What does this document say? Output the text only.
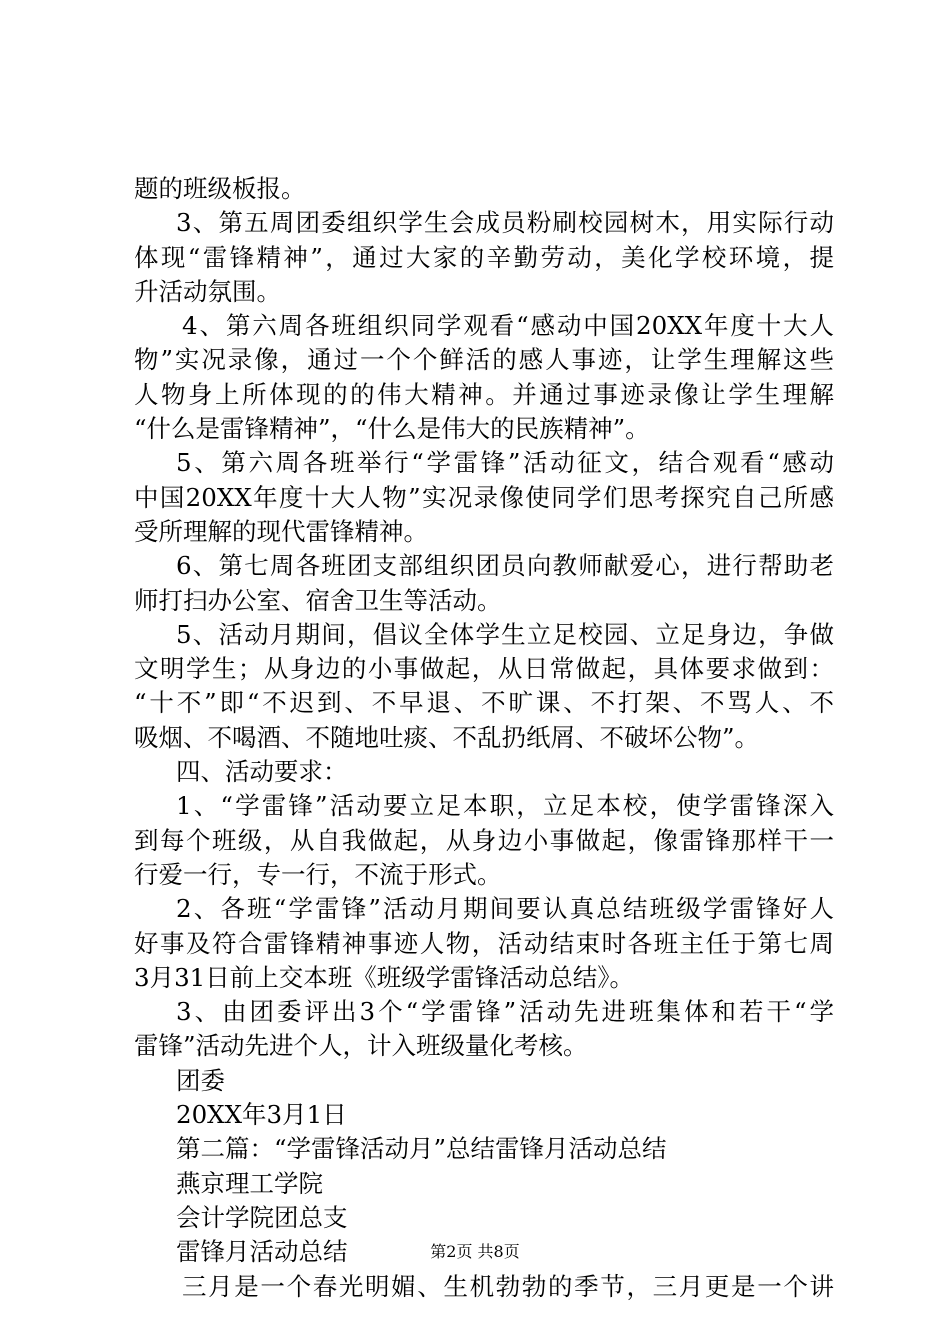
题的班级板报。
3、第五周团委组织学生会成员粉刷校园树木，用实际行动
体现“雷锋精神”，通过大家的辛勤劳动，美化学校环境，提
升活动氛围。
4、第六周各班组织同学观看“感动中国20XX年度十大人
物”实况录像，通过一个个鲜活的感人事迹，让学生理解这些
人物身上所体现的的伟大精神。并通过事迹录像让学生理解
“什么是雷锋精神”，“什么是伟大的民族精神”。
5、第六周各班举行“学雷锋”活动征文，结合观看“感动
中国20XX年度十大人物”实况录像使同学们思考探究自己所感
受所理解的现代雷锋精神。
6、第七周各班团支部组织团员向教师献爱心，进行帮助老
师打扫办公室、宿舍卫生等活动。
5、活动月期间，倡议全体学生立足校园、立足身边，争做
文明学生；从身边的小事做起，从日常做起，具体要求做到：
“十不”即“不迟到、不早退、不旷课、不打架、不骂人、不
吸烟、不喝酒、不随地吐痰、不乱扔纸屑、不破坏公物”。
四、活动要求：
1、“学雷锋”活动要立足本职，立足本校，使学雷锋深入
到每个班级，从自我做起，从身边小事做起，像雷锋那样干一
行爱一行，专一行，不流于形式。
2、各班“学雷锋”活动月期间要认真总结班级学雷锋好人
好事及符合雷锋精神事迹人物，活动结束时各班主任于第七周
3月31日前上交本班《班级学雷锋活动总结》。
3、由团委评出3个“学雷锋”活动先进班集体和若干“学
雷锋”活动先进个人，计入班级量化考核。
团委
20XX年3月1日
第二篇：“学雷锋活动月”总结雷锋月活动总结
燕京理工学院
会计学院团总支
雷锋月活动总结
三月是一个春光明媚、生机勃勃的季节，三月更是一个讲
第2页 共8页
